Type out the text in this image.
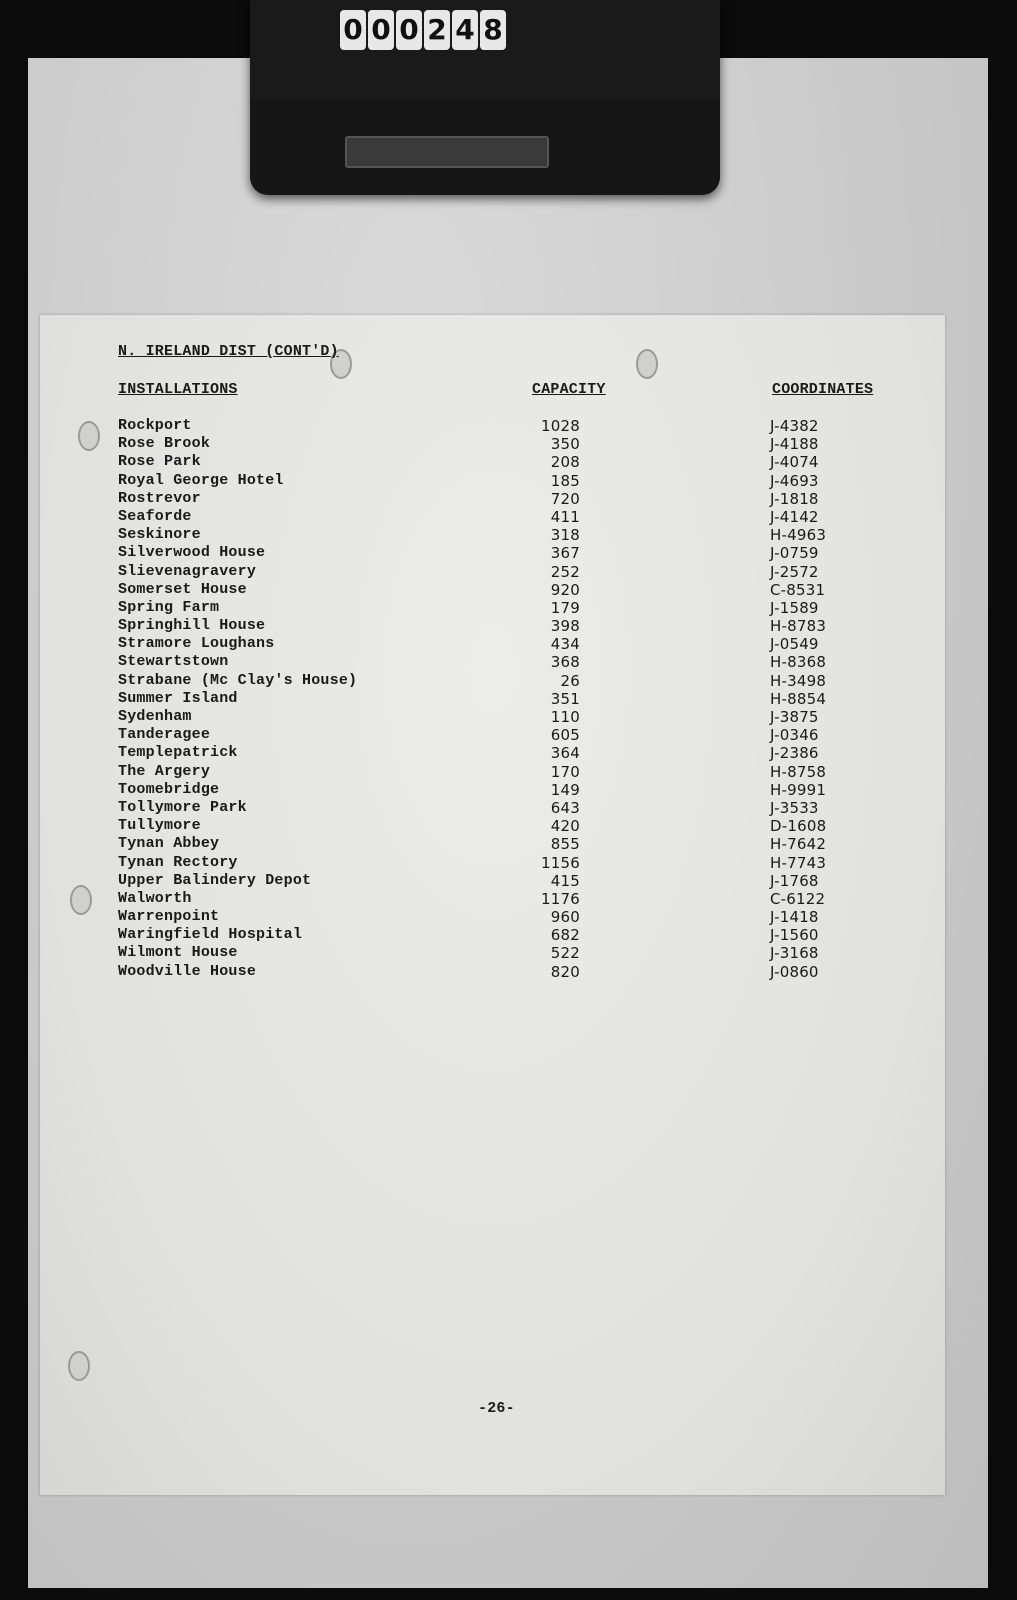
0 0 0 2 4 8
N. IRELAND DIST (CONT'D)
INSTALLATIONS	CAPACITY	COORDINATES
Rockport	1028	J-4382
Rose Brook	350	J-4188
Rose Park	208	J-4074
Royal George Hotel	185	J-4693
Rostrevor	720	J-1818
Seaforde	411	J-4142
Seskinore	318	H-4963
Silverwood House	367	J-0759
Slievenagravery	252	J-2572
Somerset House	920	C-8531
Spring Farm	179	J-1589
Springhill House	398	H-8783
Stramore Loughans	434	J-0549
Stewartstown	368	H-8368
Strabane (Mc Clay's House)	26	H-3498
Summer Island	351	H-8854
Sydenham	110	J-3875
Tanderagee	605	J-0346
Templepatrick	364	J-2386
The Argery	170	H-8758
Toomebridge	149	H-9991
Tollymore Park	643	J-3533
Tullymore	420	D-1608
Tynan Abbey	855	H-7642
Tynan Rectory	1156	H-7743
Upper Balindery Depot	415	J-1768
Walworth	1176	C-6122
Warrenpoint	960	J-1418
Waringfield Hospital	682	J-1560
Wilmont House	522	J-3168
Woodville House	820	J-0860
-26-
